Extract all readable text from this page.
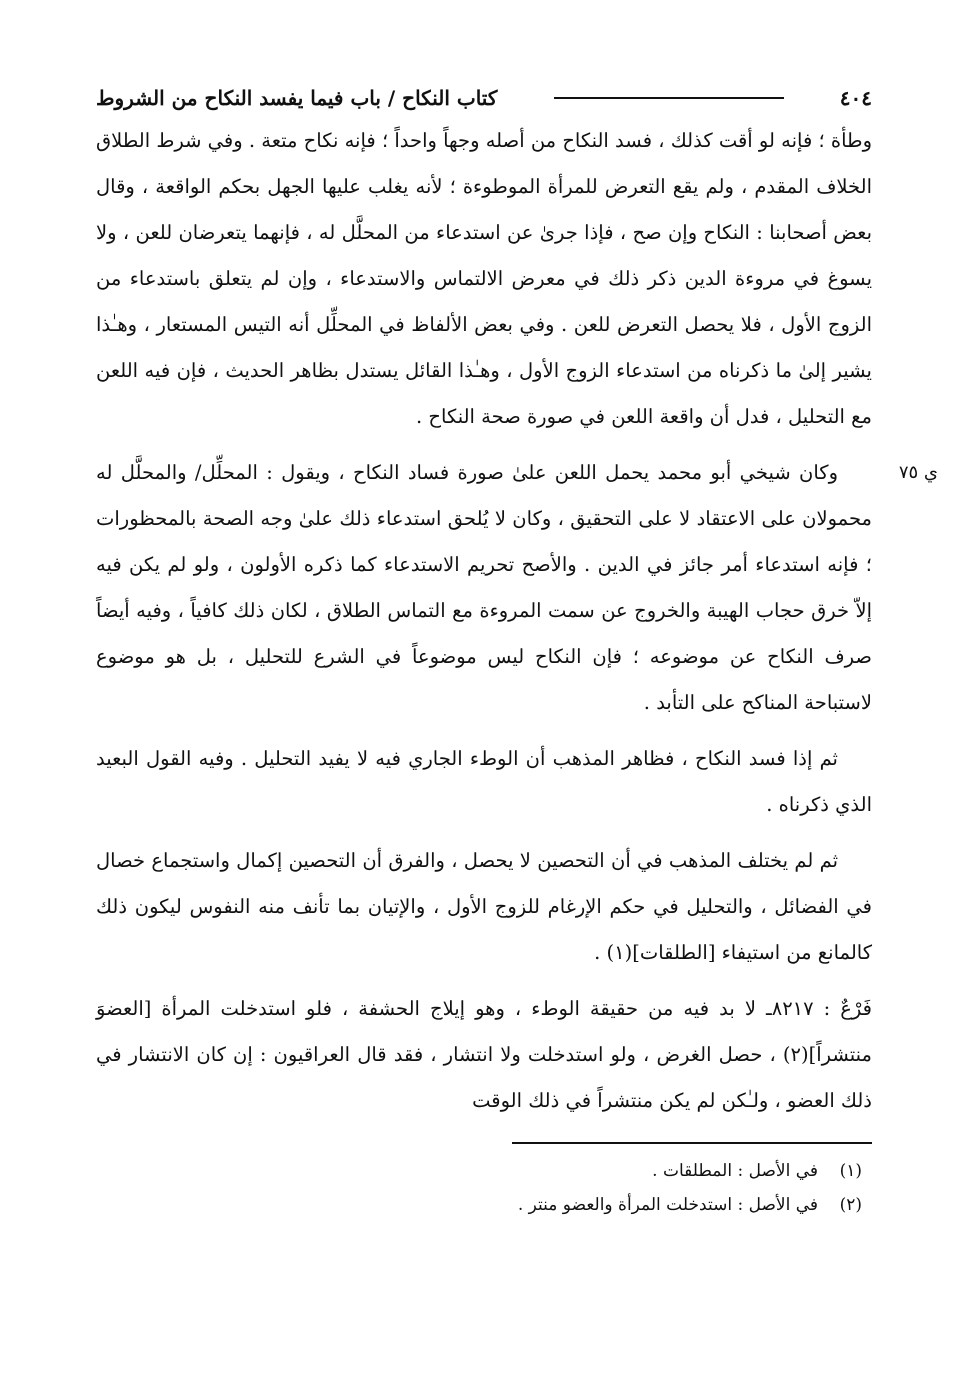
٤٠٤
كتاب النكاح / باب فيما يفسد النكاح من الشروط

وطأة ؛ فإنه لو أقت كذلك ، فسد النكاح من أصله وجهاً واحداً ؛ فإنه نكاح متعة . وفي شرط الطلاق الخلاف المقدم ، ولم يقع التعرض للمرأة الموطوءة ؛ لأنه يغلب عليها الجهل بحكم الواقعة ، وقال بعض أصحابنا : النكاح وإن صح ، فإذا جرىٰ عن استدعاء من المحلَّل له ، فإنهما يتعرضان للعن ، ولا يسوغ في مروءة الدين ذكر ذلك في معرض الالتماس والاستدعاء ، وإن لم يتعلق باستدعاء من الزوج الأول ، فلا يحصل التعرض للعن . وفي بعض الألفاظ في المحلِّل أنه التيس المستعار ، وهـٰذا يشير إلىٰ ما ذكرناه من استدعاء الزوج الأول ، وهـٰذا القائل يستدل بظاهر الحديث ، فإن فيه اللعن مع التحليل ، فدل أن واقعة اللعن في صورة صحة النكاح .

ي ٧٥

وكان شيخي أبو محمد يحمل اللعن علىٰ صورة فساد النكاح ، ويقول : المحلِّل/ والمحلَّل له محمولان على الاعتقاد لا على التحقيق ، وكان لا يُلحق استدعاء ذلك علىٰ وجه الصحة بالمحظورات ؛ فإنه استدعاء أمر جائز في الدين . والأصح تحريم الاستدعاء كما ذكره الأولون ، ولو لم يكن فيه إلاّ خرق حجاب الهيبة والخروج عن سمت المروءة مع التماس الطلاق ، لكان ذلك كافياً ، وفيه أيضاً صرف النكاح عن موضوعه ؛ فإن النكاح ليس موضوعاً في الشرع للتحليل ، بل هو موضوع لاستباحة المناكح على التأبد .

ثم إذا فسد النكاح ، فظاهر المذهب أن الوطء الجاري فيه لا يفيد التحليل . وفيه القول البعيد الذي ذكرناه .

ثم لم يختلف المذهب في أن التحصين لا يحصل ، والفرق أن التحصين إكمال واستجماع خصال في الفضائل ، والتحليل في حكم الإرغام للزوج الأول ، والإتيان بما تأنف منه النفوس ليكون ذلك كالمانع من استيفاء [الطلقات](١) .

فَرْعٌ : ٨٢١٧ـ لا بد فيه من حقيقة الوطء ، وهو إيلاج الحشفة ، فلو استدخلت المرأة [العضوَ منتشراً](٢) ، حصل الغرض ، ولو استدخلت ولا انتشار ، فقد قال العراقيون : إن كان الانتشار في ذلك العضو ، ولـٰكن لم يكن منتشراً في ذلك الوقت

(١)
في الأصل : المطلقات .
(٢)
في الأصل : استدخلت المرأة والعضو منتر .
